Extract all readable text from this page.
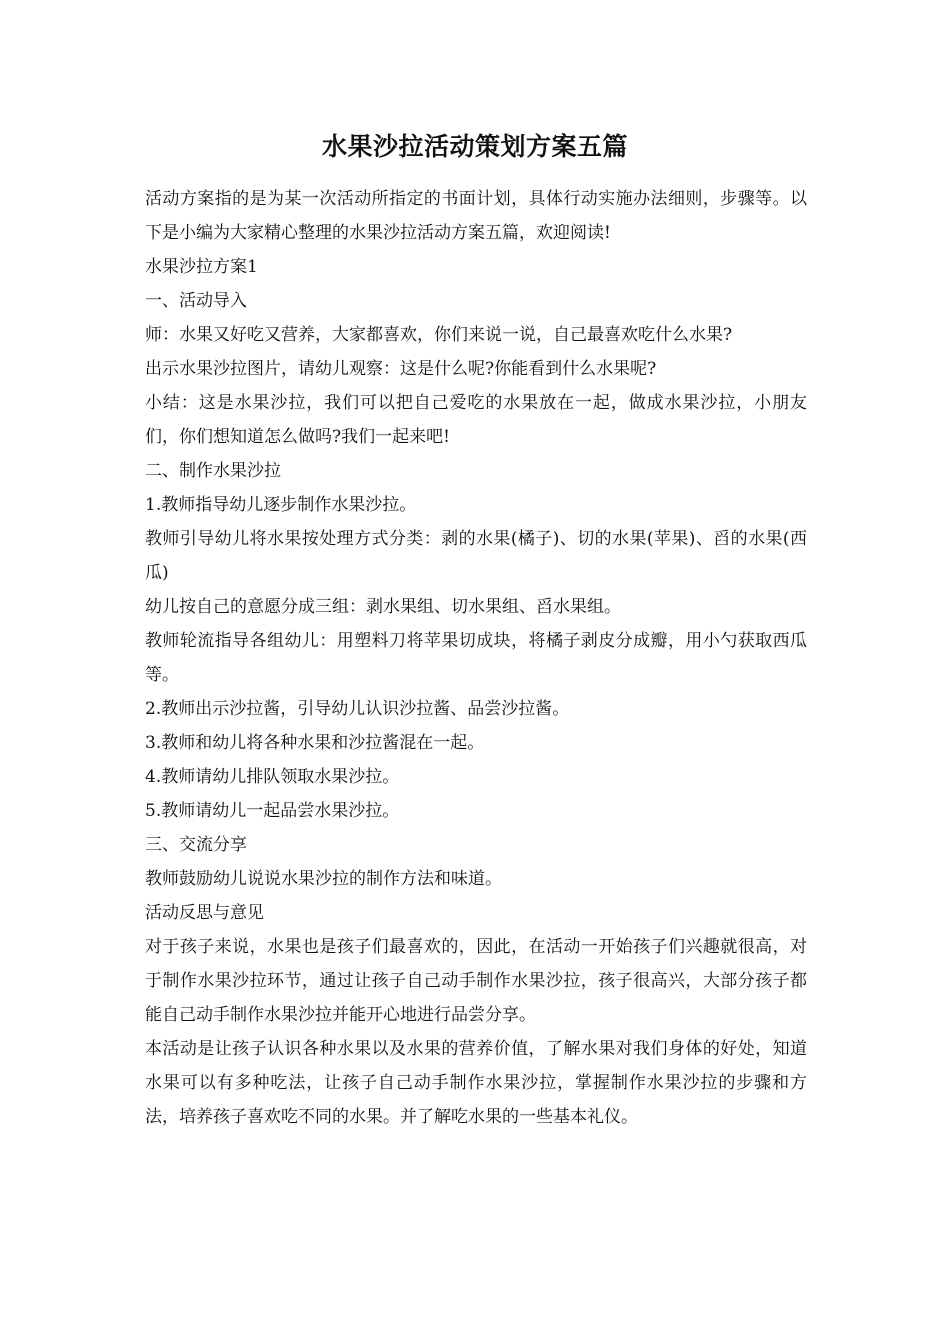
水果沙拉活动策划方案五篇

活动方案指的是为某一次活动所指定的书面计划，具体行动实施办法细则，步骤等。以下是小编为大家精心整理的水果沙拉活动方案五篇，欢迎阅读!

水果沙拉方案1

一、活动导入

师：水果又好吃又营养，大家都喜欢，你们来说一说，自己最喜欢吃什么水果?

出示水果沙拉图片，请幼儿观察：这是什么呢?你能看到什么水果呢?

小结：这是水果沙拉，我们可以把自己爱吃的水果放在一起，做成水果沙拉，小朋友们，你们想知道怎么做吗?我们一起来吧!

二、制作水果沙拉

1.教师指导幼儿逐步制作水果沙拉。

教师引导幼儿将水果按处理方式分类：剥的水果(橘子)、切的水果(苹果)、舀的水果(西瓜)

幼儿按自己的意愿分成三组：剥水果组、切水果组、舀水果组。

教师轮流指导各组幼儿：用塑料刀将苹果切成块，将橘子剥皮分成瓣，用小勺获取西瓜等。

2.教师出示沙拉酱，引导幼儿认识沙拉酱、品尝沙拉酱。

3.教师和幼儿将各种水果和沙拉酱混在一起。

4.教师请幼儿排队领取水果沙拉。

5.教师请幼儿一起品尝水果沙拉。

三、交流分享

教师鼓励幼儿说说水果沙拉的制作方法和味道。

活动反思与意见

对于孩子来说，水果也是孩子们最喜欢的，因此，在活动一开始孩子们兴趣就很高，对于制作水果沙拉环节，通过让孩子自己动手制作水果沙拉，孩子很高兴，大部分孩子都能自己动手制作水果沙拉并能开心地进行品尝分享。

本活动是让孩子认识各种水果以及水果的营养价值，了解水果对我们身体的好处，知道水果可以有多种吃法，让孩子自己动手制作水果沙拉，掌握制作水果沙拉的步骤和方法，培养孩子喜欢吃不同的水果。并了解吃水果的一些基本礼仪。
